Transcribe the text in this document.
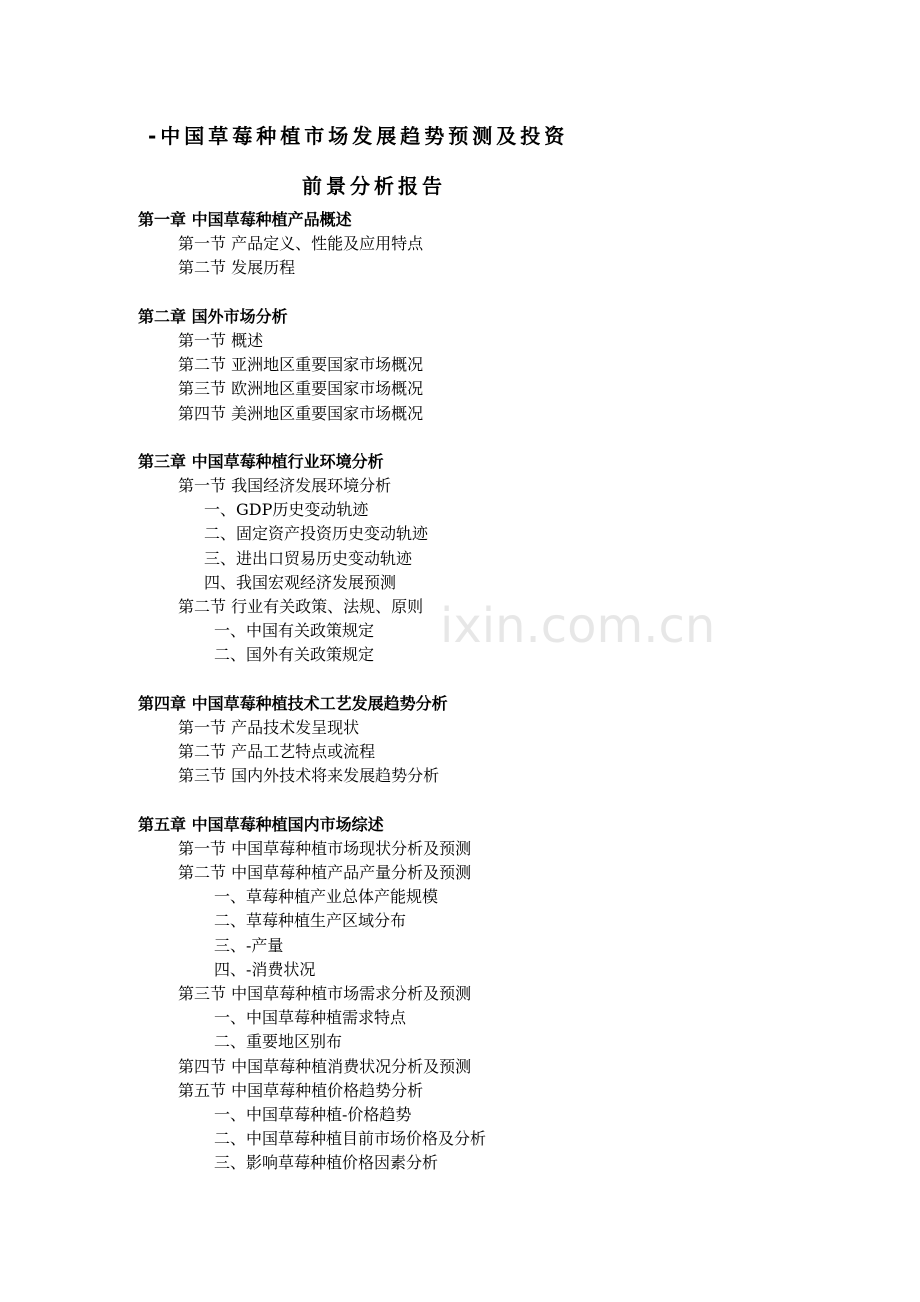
-中国草莓种植市场发展趋势预测及投资
前景分析报告
第一章 中国草莓种植产品概述
第一节 产品定义、性能及应用特点
第二节 发展历程
第二章 国外市场分析
第一节 概述
第二节 亚洲地区重要国家市场概况
第三节 欧洲地区重要国家市场概况
第四节 美洲地区重要国家市场概况
第三章 中国草莓种植行业环境分析
第一节 我国经济发展环境分析
一、GDP历史变动轨迹
二、固定资产投资历史变动轨迹
三、进出口贸易历史变动轨迹
四、我国宏观经济发展预测
第二节 行业有关政策、法规、原则
一、中国有关政策规定
二、国外有关政策规定
第四章 中国草莓种植技术工艺发展趋势分析
第一节 产品技术发呈现状
第二节 产品工艺特点或流程
第三节 国内外技术将来发展趋势分析
第五章 中国草莓种植国内市场综述
第一节 中国草莓种植市场现状分析及预测
第二节 中国草莓种植产品产量分析及预测
一、草莓种植产业总体产能规模
二、草莓种植生产区域分布
三、-产量
四、-消费状况
第三节 中国草莓种植市场需求分析及预测
一、中国草莓种植需求特点
二、重要地区别布
第四节 中国草莓种植消费状况分析及预测
第五节 中国草莓种植价格趋势分析
一、中国草莓种植-价格趋势
二、中国草莓种植目前市场价格及分析
三、影响草莓种植价格因素分析
ixin.com.cn
